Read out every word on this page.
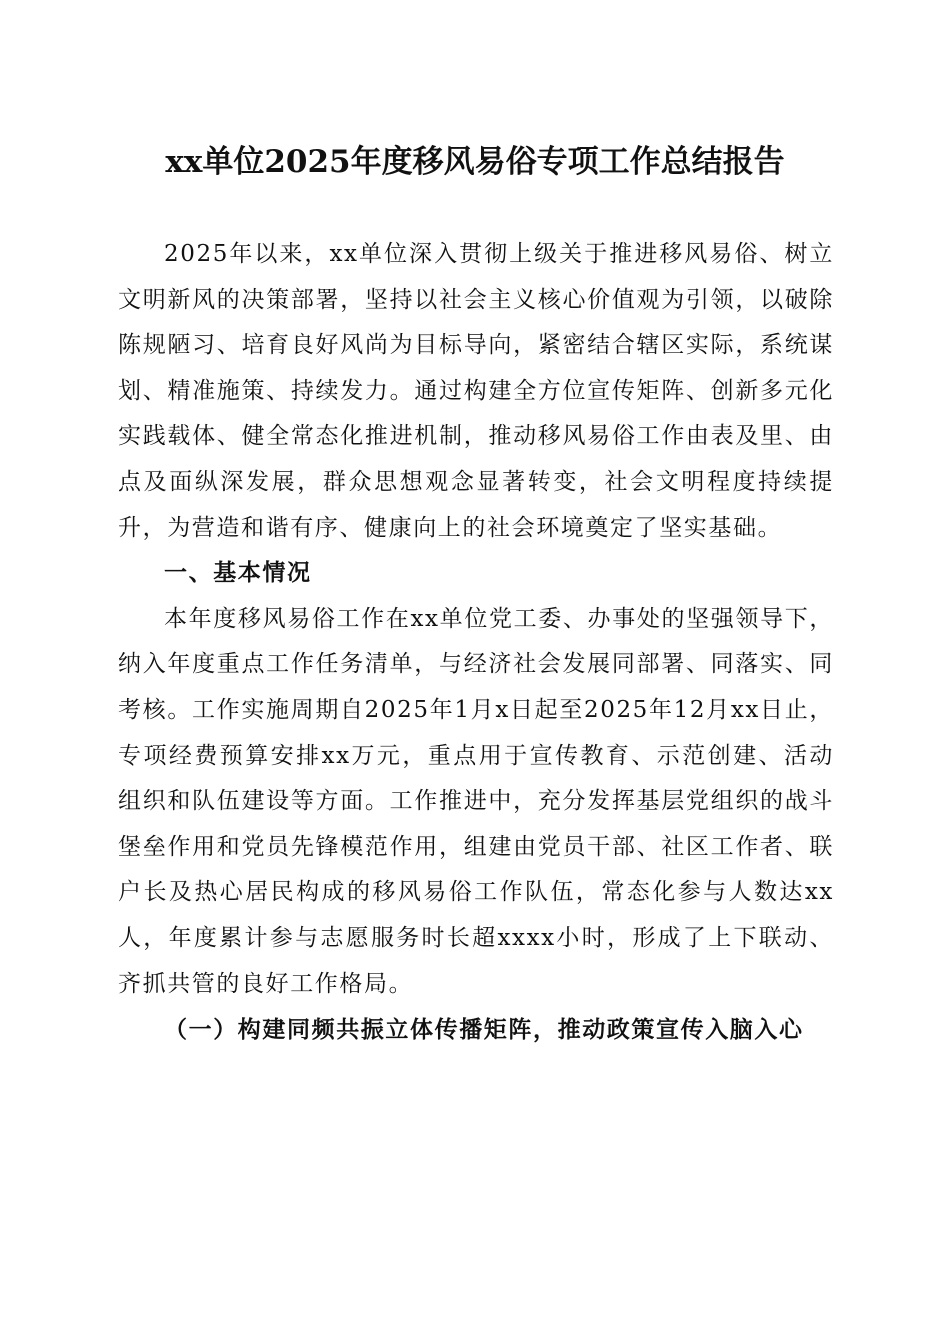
xx单位2025年度移风易俗专项工作总结报告

2025年以来，xx单位深入贯彻上级关于推进移风易俗、树立文明新风的决策部署，坚持以社会主义核心价值观为引领，以破除陈规陋习、培育良好风尚为目标导向，紧密结合辖区实际，系统谋划、精准施策、持续发力。通过构建全方位宣传矩阵、创新多元化实践载体、健全常态化推进机制，推动移风易俗工作由表及里、由点及面纵深发展，群众思想观念显著转变，社会文明程度持续提升，为营造和谐有序、健康向上的社会环境奠定了坚实基础。

一、基本情况

本年度移风易俗工作在xx单位党工委、办事处的坚强领导下，纳入年度重点工作任务清单，与经济社会发展同部署、同落实、同考核。工作实施周期自2025年1月x日起至2025年12月xx日止，专项经费预算安排xx万元，重点用于宣传教育、示范创建、活动组织和队伍建设等方面。工作推进中，充分发挥基层党组织的战斗堡垒作用和党员先锋模范作用，组建由党员干部、社区工作者、联户长及热心居民构成的移风易俗工作队伍，常态化参与人数达xx人，年度累计参与志愿服务时长超xxxx小时，形成了上下联动、齐抓共管的良好工作格局。

（一）构建同频共振立体传播矩阵，推动政策宣传入脑入心
